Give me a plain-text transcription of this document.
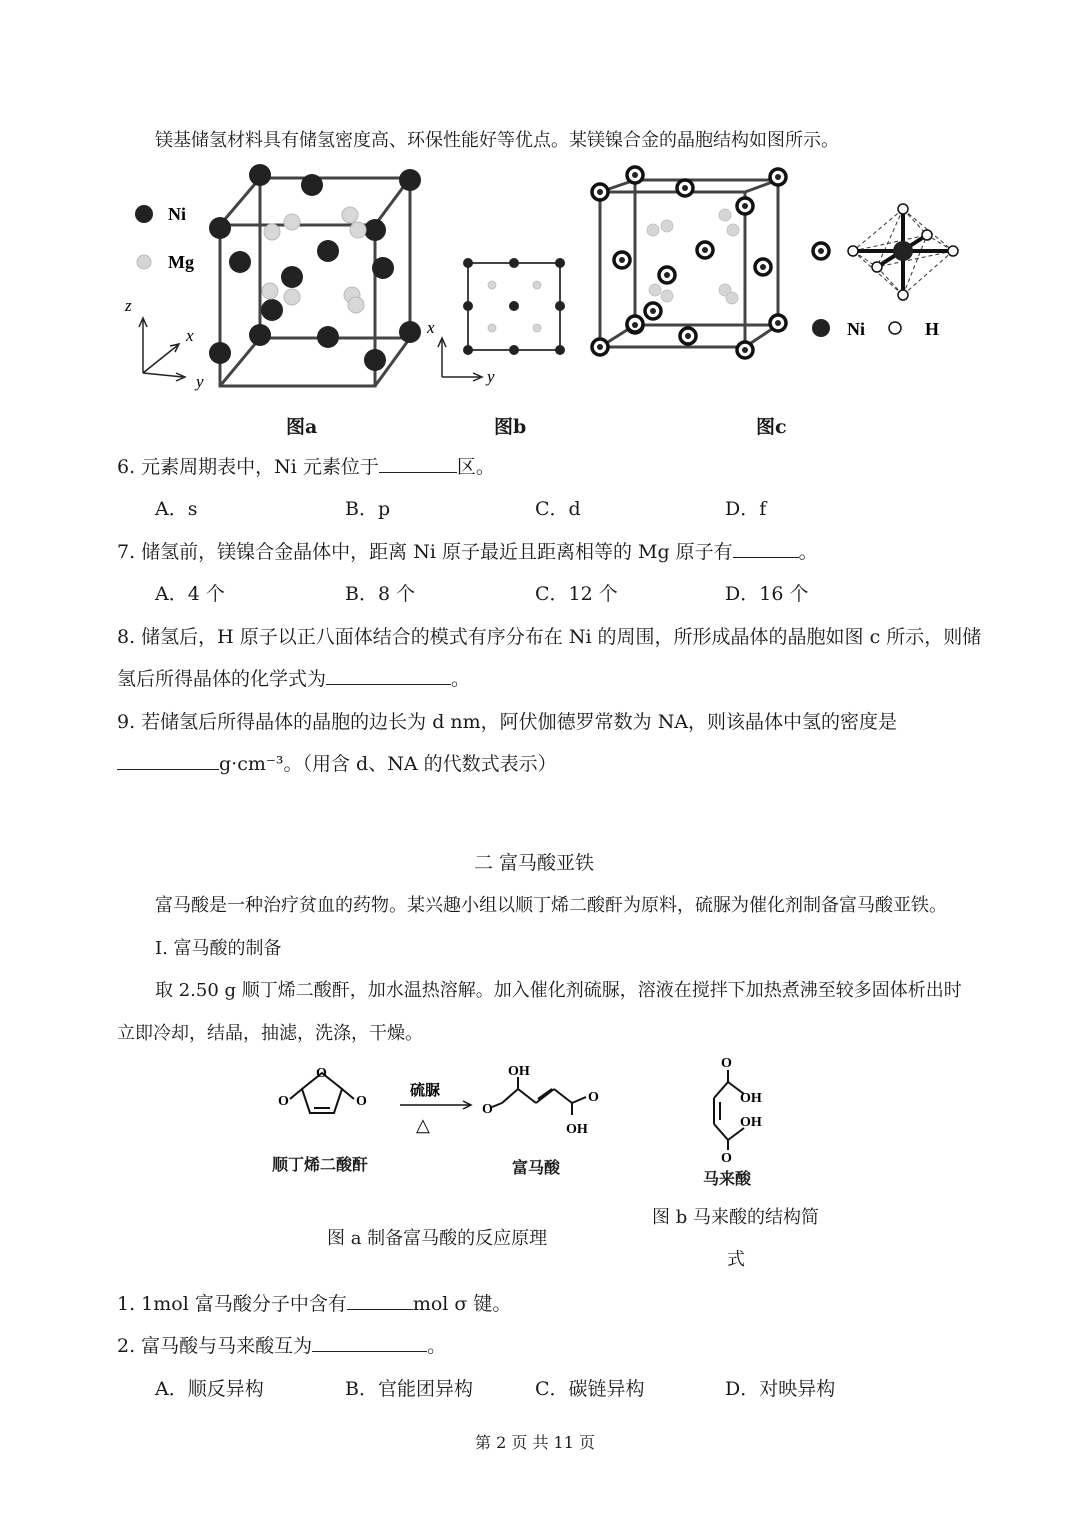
镁基储氢材料具有储氢密度高、环保性能好等优点。某镁镍合金的晶胞结构如图所示。
z
x
y
Ni
Mg
x
y
Ni	H
图a	图b	图c
6. 元素周期表中，Ni 元素位于	区。
A．s	B．p	C．d	D．f
7. 储氢前，镁镍合金晶体中，距离 Ni 原子最近且距离相等的 Mg 原子有	。
A．4 个	B．8 个	C．12 个	D．16 个
8. 储氢后，H 原子以正八面体结合的模式有序分布在 Ni 的周围，所形成晶体的晶胞如图 c 所示，则储
氢后所得晶体的化学式为	。
9. 若储氢后所得晶体的晶胞的边长为 d nm，阿伏伽德罗常数为 NA，则该晶体中氢的密度是
g·cm⁻³。（用含 d、NA 的代数式表示）
二 富马酸亚铁
富马酸是一种治疗贫血的药物。某兴趣小组以顺丁烯二酸酐为原料，硫脲为催化剂制备富马酸亚铁。
I. 富马酸的制备
取 2.50 g 顺丁烯二酸酐，加水温热溶解。加入催化剂硫脲，溶液在搅拌下加热煮沸至较多固体析出时
立即冷却，结晶，抽滤，洗涤，干燥。
O
O	O
硫脲
△
OH
O
O
OH
顺丁烯二酸酐	富马酸
O
OH
OH
O
马来酸
图 a 制备富马酸的反应原理
图 b 马来酸的结构简
式
1. 1mol 富马酸分子中含有	mol σ 键。
2. 富马酸与马来酸互为	。
A．顺反异构	B．官能团异构	C．碳链异构	D．对映异构
第 2 页 共 11 页
